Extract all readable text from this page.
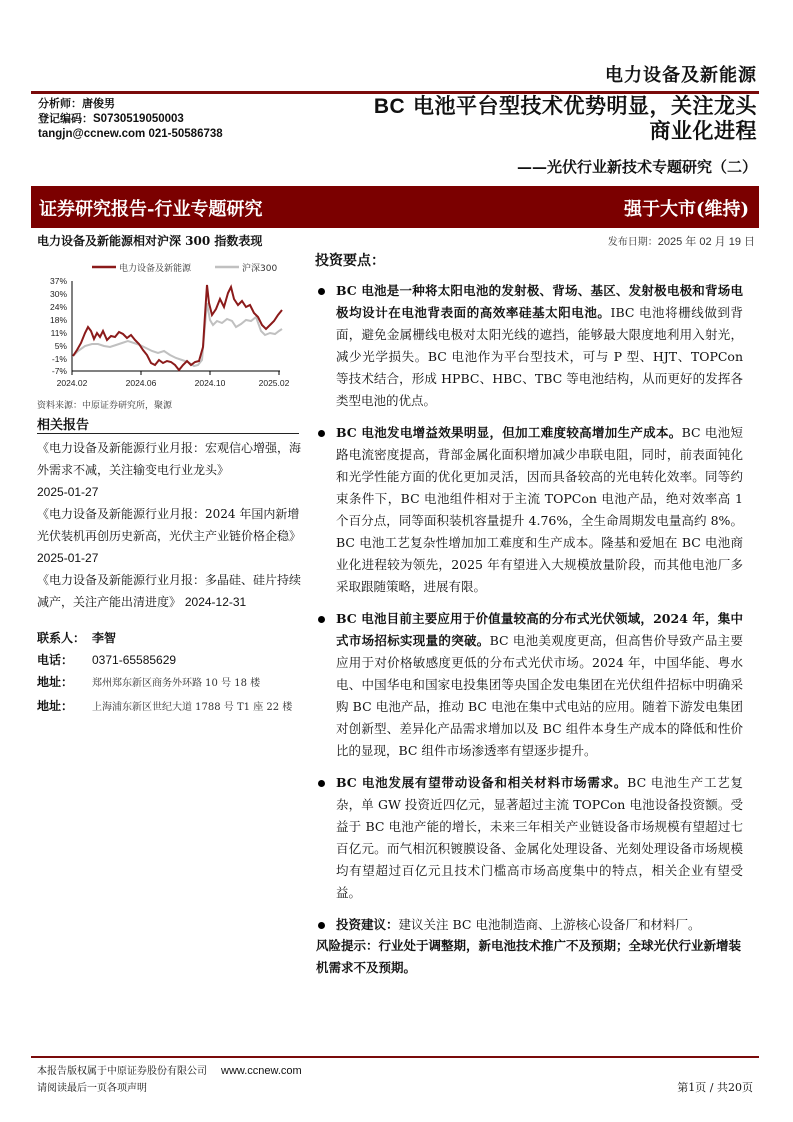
电力设备及新能源
分析师：唐俊男
登记编码：S0730519050003
tangjn@ccnew.com 021-50586738
BC 电池平台型技术优势明显，关注龙头
商业化进程
——光伏行业新技术专题研究（二）
证券研究报告-行业专题研究	强于大市(维持)
电力设备及新能源相对沪深 300 指数表现
电力设备及新能源	沪深300
37%
30%
24%
18%
11%
5%
-1%
-7%
2024.02	2024.06	2024.10	2025.02
资料来源：中原证券研究所，聚源
相关报告
《电力设备及新能源行业月报：宏观信心增强，海外需求不减，关注输变电行业龙头》
2025-01-27
《电力设备及新能源行业月报：2024 年国内新增光伏装机再创历史新高，光伏主产业链价格企稳》 2025-01-27
《电力设备及新能源行业月报：多晶硅、硅片持续减产，关注产能出清进度》 2024-12-31
联系人： 李智
电话： 0371-65585629
地址： 郑州郑东新区商务外环路 10 号 18 楼
地址： 上海浦东新区世纪大道 1788 号 T1 座 22 楼
发布日期：2025 年 02 月 19 日
投资要点：
BC 电池是一种将太阳电池的发射极、背场、基区、发射极电极和背场电极均设计在电池背表面的高效率硅基太阳电池。IBC 电池将栅线做到背面，避免金属栅线电极对太阳光线的遮挡，能够最大限度地利用入射光，减少光学损失。BC 电池作为平台型技术，可与 P 型、HJT、TOPCon 等技术结合，形成 HPBC、HBC、TBC 等电池结构，从而更好的发挥各类型电池的优点。
BC 电池发电增益效果明显，但加工难度较高增加生产成本。BC 电池短路电流密度提高，背部金属化面积增加减少串联电阻，同时，前表面钝化和光学性能方面的优化更加灵活，因而具备较高的光电转化效率。同等约束条件下，BC 电池组件相对于主流 TOPCon 电池产品，绝对效率高 1 个百分点，同等面积装机容量提升 4.76%，全生命周期发电量高约 8%。BC 电池工艺复杂性增加加工难度和生产成本。隆基和爱旭在 BC 电池商业化进程较为领先，2025 年有望进入大规模放量阶段，而其他电池厂多采取跟随策略，进展有限。
BC 电池目前主要应用于价值量较高的分布式光伏领域，2024 年，集中式市场招标实现量的突破。BC 电池美观度更高，但高售价导致产品主要应用于对价格敏感度更低的分布式光伏市场。2024 年，中国华能、粤水电、中国华电和国家电投集团等央国企发电集团在光伏组件招标中明确采购 BC 电池产品，推动 BC 电池在集中式电站的应用。随着下游发电集团对创新型、差异化产品需求增加以及 BC 组件本身生产成本的降低和性价比的显现，BC 组件市场渗透率有望逐步提升。
BC 电池发展有望带动设备和相关材料市场需求。BC 电池生产工艺复杂，单 GW 投资近四亿元，显著超过主流 TOPCon 电池设备投资额。受益于 BC 电池产能的增长，未来三年相关产业链设备市场规模有望超过七百亿元。而气相沉积镀膜设备、金属化处理设备、光刻处理设备市场规模均有望超过百亿元且技术门槛高市场高度集中的特点，相关企业有望受益。
投资建议：建议关注 BC 电池制造商、上游核心设备厂和材料厂。
风险提示：行业处于调整期，新电池技术推广不及预期；全球光伏行业新增装机需求不及预期。
本报告版权属于中原证券股份有限公司 www.ccnew.com
请阅读最后一页各项声明	第1页 / 共20页
